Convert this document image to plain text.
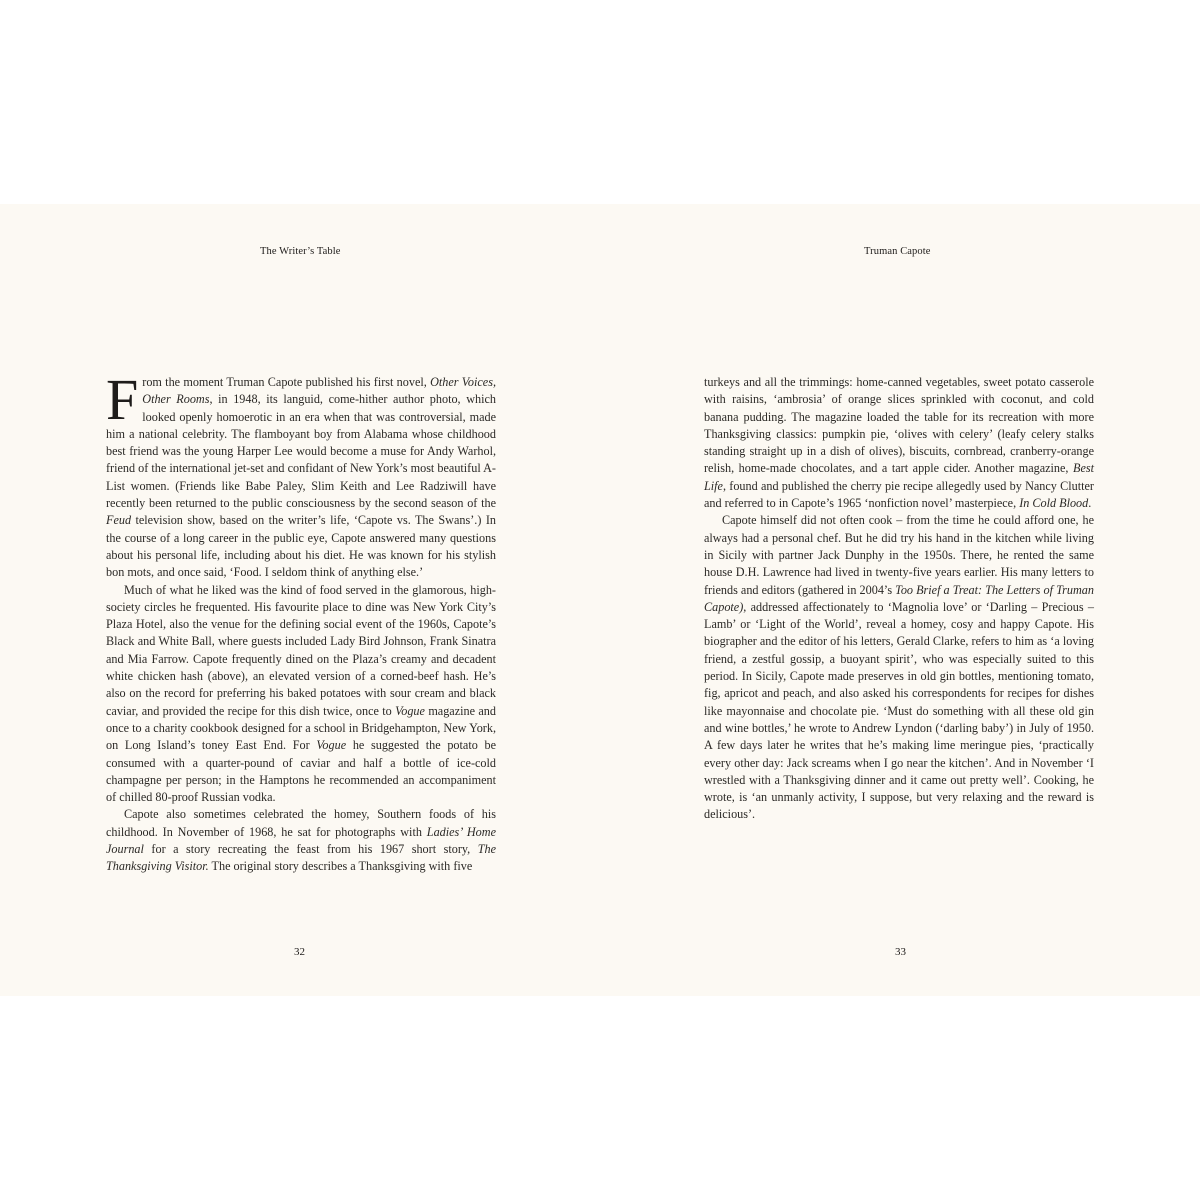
The Writer’s Table

From the moment Truman Capote published his first novel, Other Voices, Other Rooms, in 1948, its languid, come-hither author photo, which looked openly homoerotic in an era when that was controversial, made him a national celebrity. The flamboyant boy from Alabama whose childhood best friend was the young Harper Lee would become a muse for Andy Warhol, friend of the international jet-set and confidant of New York’s most beautiful A-List women. (Friends like Babe Paley, Slim Keith and Lee Radziwill have recently been returned to the public consciousness by the second season of the Feud television show, based on the writer’s life, ‘Capote vs. The Swans’.) In the course of a long career in the public eye, Capote answered many questions about his personal life, including about his diet. He was known for his stylish bon mots, and once said, ‘Food. I seldom think of anything else.’

Much of what he liked was the kind of food served in the glamorous, high-society circles he frequented. His favourite place to dine was New York City’s Plaza Hotel, also the venue for the defining social event of the 1960s, Capote’s Black and White Ball, where guests included Lady Bird Johnson, Frank Sinatra and Mia Farrow. Capote frequently dined on the Plaza’s creamy and decadent white chicken hash (above), an elevated version of a corned-beef hash. He’s also on the record for preferring his baked potatoes with sour cream and black caviar, and provided the recipe for this dish twice, once to Vogue magazine and once to a charity cookbook designed for a school in Bridgehampton, New York, on Long Island’s toney East End. For Vogue he suggested the potato be consumed with a quarter-pound of caviar and half a bottle of ice-cold champagne per person; in the Hamptons he recommended an accompaniment of chilled 80-proof Russian vodka.

Capote also sometimes celebrated the homey, Southern foods of his childhood. In November of 1968, he sat for photographs with Ladies’ Home Journal for a story recreating the feast from his 1967 short story, The Thanksgiving Visitor. The original story describes a Thanksgiving with five

32
Truman Capote

turkeys and all the trimmings: home-canned vegetables, sweet potato casserole with raisins, ‘ambrosia’ of orange slices sprinkled with coconut, and cold banana pudding. The magazine loaded the table for its recreation with more Thanksgiving classics: pumpkin pie, ‘olives with celery’ (leafy celery stalks standing straight up in a dish of olives), biscuits, cornbread, cranberry-orange relish, home-made chocolates, and a tart apple cider. Another magazine, Best Life, found and published the cherry pie recipe allegedly used by Nancy Clutter and referred to in Capote’s 1965 ‘nonfiction novel’ masterpiece, In Cold Blood.

Capote himself did not often cook – from the time he could afford one, he always had a personal chef. But he did try his hand in the kitchen while living in Sicily with partner Jack Dunphy in the 1950s. There, he rented the same house D.H. Lawrence had lived in twenty-five years earlier. His many letters to friends and editors (gathered in 2004’s Too Brief a Treat: The Letters of Truman Capote), addressed affectionately to ‘Magnolia love’ or ‘Darling – Precious – Lamb’ or ‘Light of the World’, reveal a homey, cosy and happy Capote. His biographer and the editor of his letters, Gerald Clarke, refers to him as ‘a loving friend, a zestful gossip, a buoyant spirit’, who was especially suited to this period. In Sicily, Capote made preserves in old gin bottles, mentioning tomato, fig, apricot and peach, and also asked his correspondents for recipes for dishes like mayonnaise and chocolate pie. ‘Must do something with all these old gin and wine bottles,’ he wrote to Andrew Lyndon (‘darling baby’) in July of 1950. A few days later he writes that he’s making lime meringue pies, ‘practically every other day: Jack screams when I go near the kitchen’. And in November ‘I wrestled with a Thanksgiving dinner and it came out pretty well’. Cooking, he wrote, is ‘an unmanly activity, I suppose, but very relaxing and the reward is delicious’.

33
